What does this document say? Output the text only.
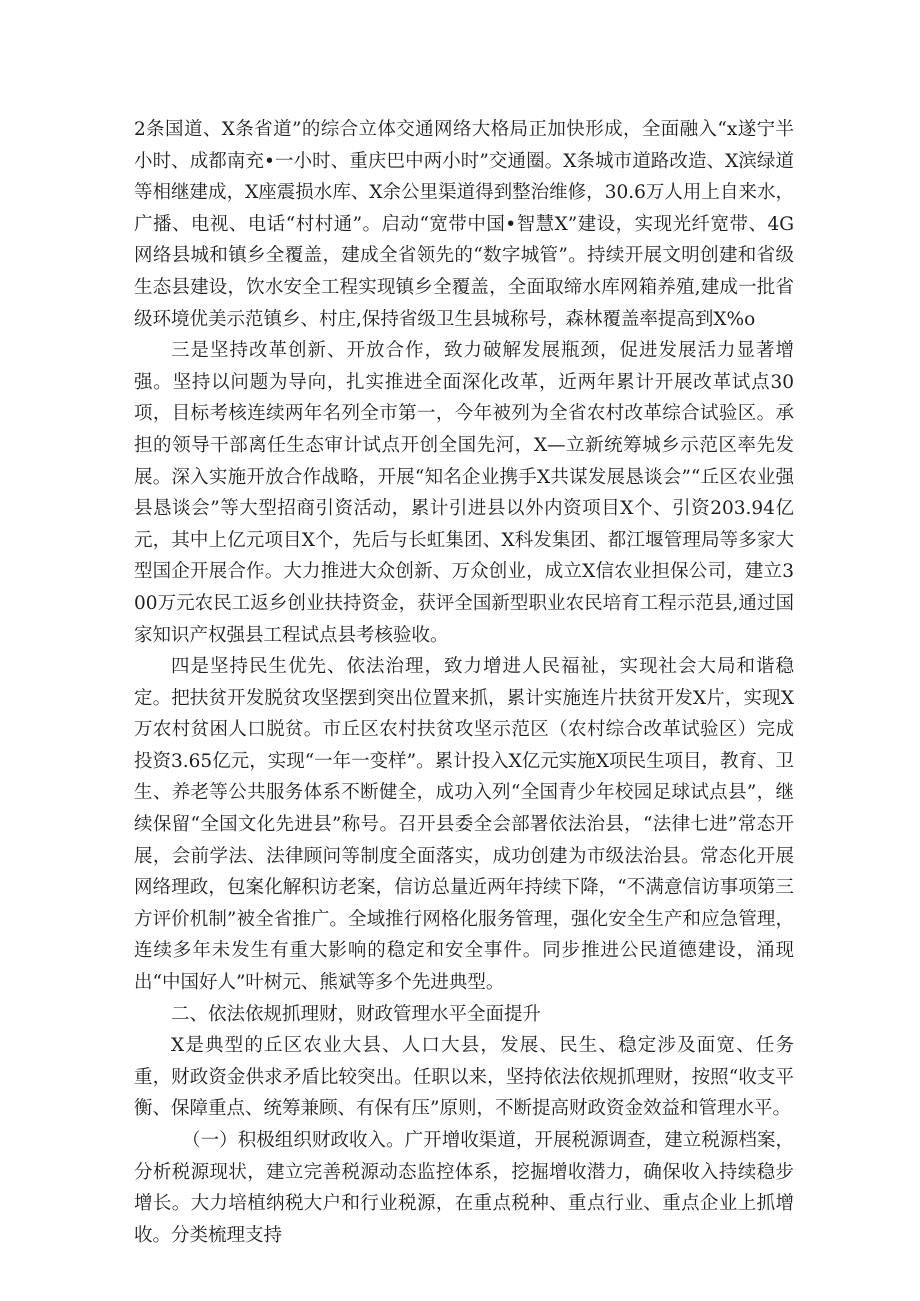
2条国道、X条省道”的综合立体交通网络大格局正加快形成，全面融入“x遂宁半小时、成都南充•一小时、重庆巴中两小时”交通圈。X条城市道路改造、X滨绿道等相继建成，X座震损水库、X余公里渠道得到整治维修，30.6万人用上自来水，广播、电视、电话“村村通”。启动“宽带中国•智慧X”建设，实现光纤宽带、4G网络县城和镇乡全覆盖，建成全省领先的“数字城管”。持续开展文明创建和省级生态县建设，饮水安全工程实现镇乡全覆盖，全面取缔水库网箱养殖,建成一批省级环境优美示范镇乡、村庄,保持省级卫生县城称号，森林覆盖率提高到X%o

三是坚持改革创新、开放合作，致力破解发展瓶颈，促进发展活力显著增强。坚持以问题为导向，扎实推进全面深化改革，近两年累计开展改革试点30项，目标考核连续两年名列全市第一，今年被列为全省农村改革综合试验区。承担的领导干部离任生态审计试点开创全国先河，X—立新统筹城乡示范区率先发展。深入实施开放合作战略，开展“知名企业携手X共谋发展恳谈会”“丘区农业强县恳谈会”等大型招商引资活动，累计引进县以外内资项目X个、引资203.94亿元，其中上亿元项目X个，先后与长虹集团、X科发集团、都江堰管理局等多家大型国企开展合作。大力推进大众创新、万众创业，成立X信农业担保公司，建立300万元农民工返乡创业扶持资金，获评全国新型职业农民培育工程示范县,通过国家知识产权强县工程试点县考核验收。

四是坚持民生优先、依法治理，致力增进人民福祉，实现社会大局和谐稳定。把扶贫开发脱贫攻坚摆到突出位置来抓，累计实施连片扶贫开发X片，实现X万农村贫困人口脱贫。市丘区农村扶贫攻坚示范区（农村综合改革试验区）完成投资3.65亿元，实现“一年一变样”。累计投入X亿元实施X项民生项目，教育、卫生、养老等公共服务体系不断健全，成功入列“全国青少年校园足球试点县”，继续保留“全国文化先进县”称号。召开县委全会部署依法治县，“法律七进”常态开展，会前学法、法律顾问等制度全面落实，成功创建为市级法治县。常态化开展网络理政，包案化解积访老案，信访总量近两年持续下降，“不满意信访事项第三方评价机制”被全省推广。全域推行网格化服务管理，强化安全生产和应急管理，连续多年未发生有重大影响的稳定和安全事件。同步推进公民道德建设，涌现出“中国好人”叶树元、熊斌等多个先进典型。

二、依法依规抓理财，财政管理水平全面提升

X是典型的丘区农业大县、人口大县，发展、民生、稳定涉及面宽、任务重，财政资金供求矛盾比较突出。任职以来，坚持依法依规抓理财，按照“收支平衡、保障重点、统筹兼顾、有保有压”原则，不断提高财政资金效益和管理水平。

（一）积极组织财政收入。广开增收渠道，开展税源调查，建立税源档案，分析税源现状，建立完善税源动态监控体系，挖掘增收潜力，确保收入持续稳步增长。大力培植纳税大户和行业税源，在重点税种、重点行业、重点企业上抓增收。分类梳理支持
